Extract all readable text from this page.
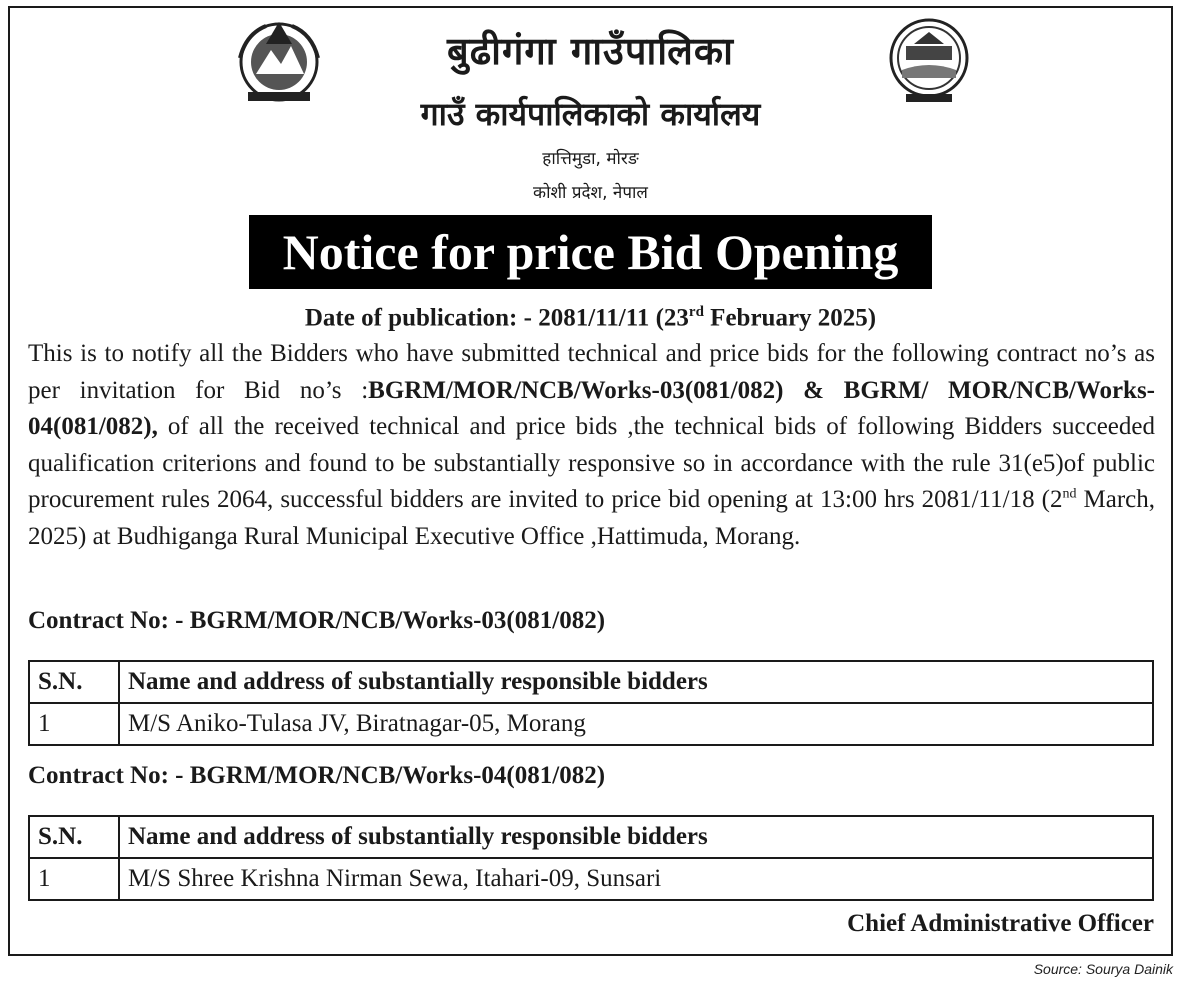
बुढीगंगा गाउँपालिका
गाउँ कार्यपालिकाको कार्यालय
हात्तिमुडा, मोरङ
कोशी प्रदेश, नेपाल
Notice for price Bid Opening
Date of publication: - 2081/11/11 (23rd February 2025)
This is to notify all the Bidders who have submitted technical and price bids for the following contract no’s as per invitation for Bid no’s :BGRM/MOR/NCB/Works-03(081/082) & BGRM/ MOR/NCB/Works-04(081/082), of all the received technical and price bids ,the technical bids of following Bidders succeeded qualification criterions and found to be substantially responsive so in accordance with the rule 31(e5)of public procurement rules 2064, successful bidders are invited to price bid opening at 13:00 hrs 2081/11/18 (2nd March, 2025) at Budhiganga Rural Municipal Executive Office ,Hattimuda, Morang.
Contract No: - BGRM/MOR/NCB/Works-03(081/082)
S.N.	Name and address of substantially responsible bidders
1	M/S Aniko-Tulasa JV, Biratnagar-05, Morang
Contract No: - BGRM/MOR/NCB/Works-04(081/082)
S.N.	Name and address of substantially responsible bidders
1	M/S Shree Krishna Nirman Sewa, Itahari-09, Sunsari
Chief Administrative Officer
Source: Sourya Dainik
